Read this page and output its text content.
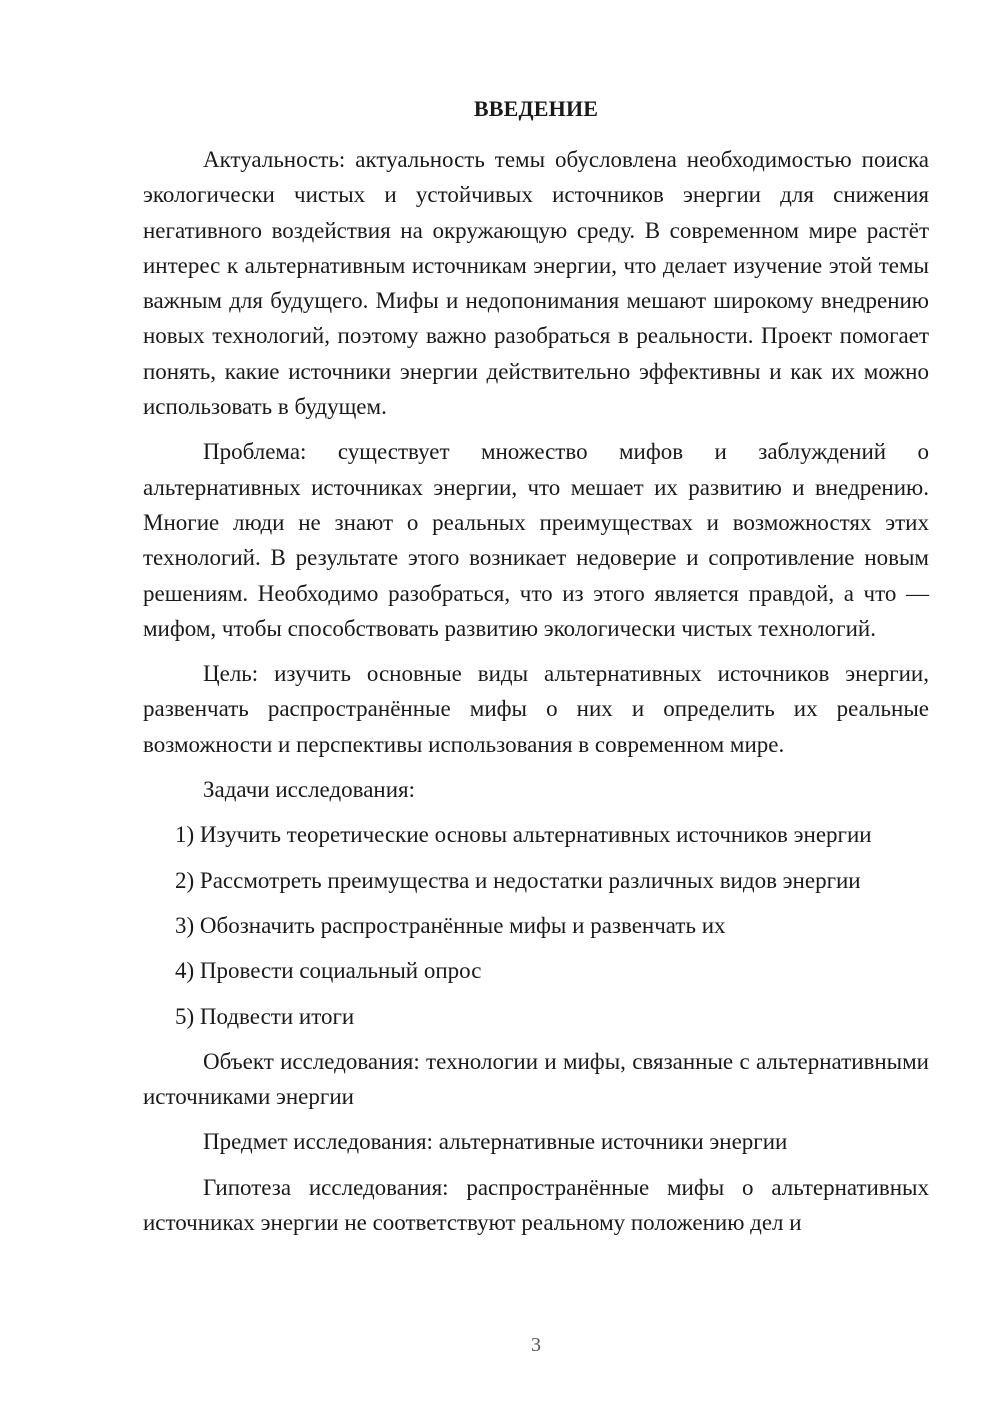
ВВЕДЕНИЕ

Актуальность: актуальность темы обусловлена необходимостью поиска экологически чистых и устойчивых источников энергии для снижения негативного воздействия на окружающую среду. В современном мире растёт интерес к альтернативным источникам энергии, что делает изучение этой темы важным для будущего. Мифы и недопонимания мешают широкому внедрению новых технологий, поэтому важно разобраться в реальности. Проект помогает понять, какие источники энергии действительно эффективны и как их можно использовать в будущем.

Проблема: существует множество мифов и заблуждений о альтернативных источниках энергии, что мешает их развитию и внедрению. Многие люди не знают о реальных преимуществах и возможностях этих технологий. В результате этого возникает недоверие и сопротивление новым решениям. Необходимо разобраться, что из этого является правдой, а что — мифом, чтобы способствовать развитию экологически чистых технологий.

Цель: изучить основные виды альтернативных источников энергии, развенчать распространённые мифы о них и определить их реальные возможности и перспективы использования в современном мире.

Задачи исследования:

1) Изучить теоретические основы альтернативных источников энергии
2) Рассмотреть преимущества и недостатки различных видов энергии
3) Обозначить распространённые мифы и развенчать их
4) Провести социальный опрос
5) Подвести итоги

Объект исследования: технологии и мифы, связанные с альтернативными источниками энергии

Предмет исследования: альтернативные источники энергии

Гипотеза исследования: распространённые мифы о альтернативных источниках энергии не соответствуют реальному положению дел и

3
